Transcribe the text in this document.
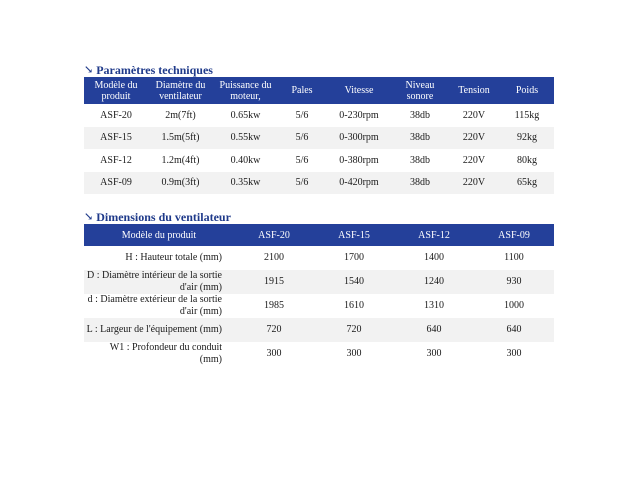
↘ Paramètres techniques
Modèle du produit	Diamètre du ventilateur	Puissance du moteur,	Pales	Vitesse	Niveau sonore	Tension	Poids
ASF-20	2m(7ft)	0.65kw	5/6	0-230rpm	38db	220V	115kg
ASF-15	1.5m(5ft)	0.55kw	5/6	0-300rpm	38db	220V	92kg
ASF-12	1.2m(4ft)	0.40kw	5/6	0-380rpm	38db	220V	80kg
ASF-09	0.9m(3ft)	0.35kw	5/6	0-420rpm	38db	220V	65kg
↘ Dimensions du ventilateur
Modèle du produit	ASF-20	ASF-15	ASF-12	ASF-09
H : Hauteur totale (mm)	2100	1700	1400	1100
D : Diamètre intérieur de la sortie d'air (mm)	1915	1540	1240	930
d : Diamètre extérieur de la sortie d'air (mm)	1985	1610	1310	1000
L : Largeur de l'équipement (mm)	720	720	640	640
W1 : Profondeur du conduit (mm)	300	300	300	300
